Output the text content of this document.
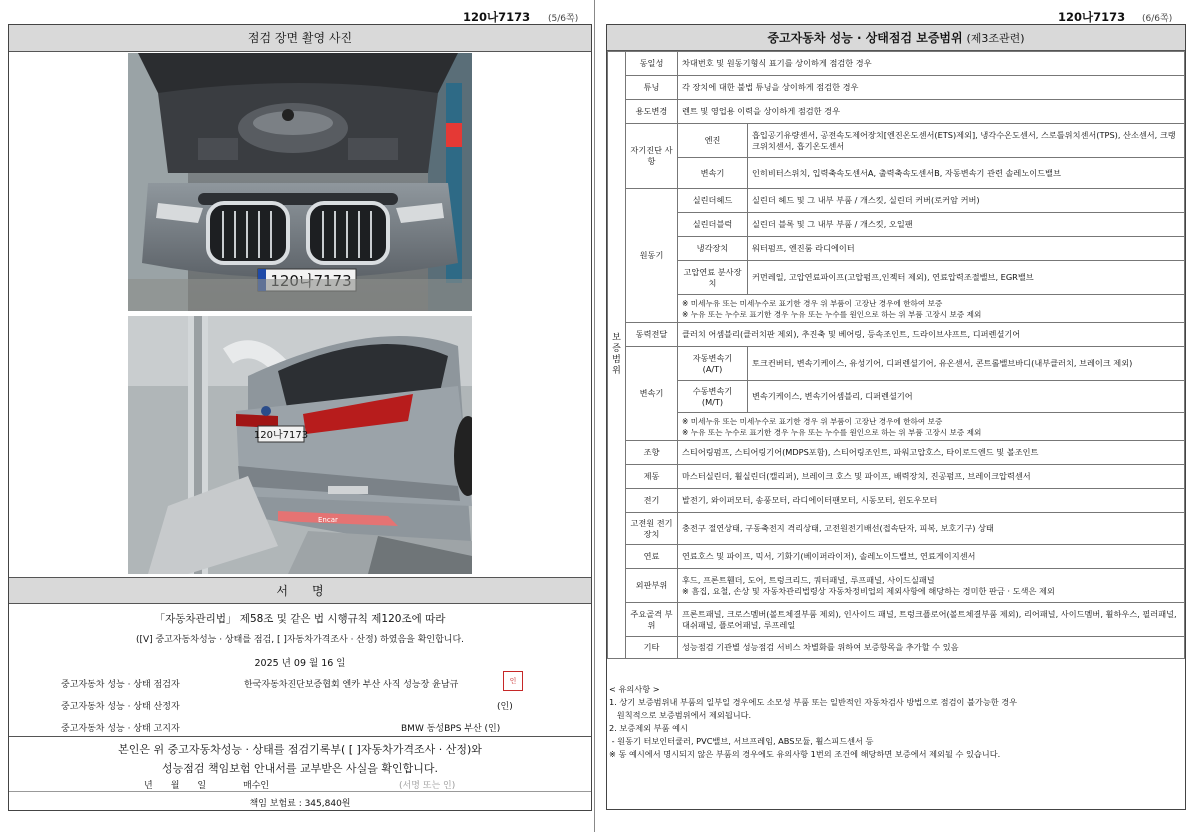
120나7173 (5/6쪽)
점검 장면 촬영 사진
120나7173
Encar
서　　명
「자동차관리법」 제58조 및 같은 법 시행규칙 제120조에 따라
([V] 중고자동차성능 · 상태를 점검, [ ]자동차가격조사 · 산정) 하였음을 확인합니다.
2025 년 09 월 16 일
중고자동차 성능 · 상태 점검자	한국자동차진단보증협회 엔카 부산 사직 성능장 윤남규	인
중고자동차 성능 · 상태 산정자	(인)
중고자동차 성능 · 상태 고지자	BMW 동성BPS 부산 (인)
본인은 위 중고자동차성능 · 상태를 점검기록부( [ ]자동차가격조사 · 산정)와
성능점검 책임보험 안내서를 교부받은 사실을 확인합니다.
년　　월　　일	매수인	(서명 또는 인)
책임 보험료 : 345,840원
120나7173 (6/6쪽)
중고자동차 성능 · 상태점검 보증범위 (제3조관련)
보
증
범
위	동일성	차대번호 및 원동기형식 표기를 상이하게 점검한 경우	
	튜닝	각 장치에 대한 불법 튜닝을 상이하게 점검한 경우	
	용도변경	렌트 및 영업용 이력을 상이하게 점검한 경우	
	자기진단 사항	엔진	흡입공기유량센서, 공전속도제어장치[엔진온도센서(ETS)제외], 냉각수온도센서, 스로틀위치센서(TPS), 산소센서, 크랭크위치센서, 흡기온도센서
		변속기	인히비터스위치, 입력축속도센서A, 출력축속도센서B, 자동변속기 관련 솔레노이드밸브
	원동기	실린더헤드	실린더 헤드 및 그 내부 부품 / 개스킷, 실린더 커버(로커암 커버)
		실린더블럭	실린더 블록 및 그 내부 부품 / 개스킷, 오일팬
		냉각장치	워터펌프, 엔진룸 라디에이터
		고압연료 분사장치	커먼레일, 고압연료파이프(고압펌프,인젝터 제외), 연료압력조절밸브, EGR밸브

		※ 미세누유 또는 미세누수로 표기한 경우 위 부품이 고장난 경우에 한하여 보증
※ 누유 또는 누수로 표기한 경우 누유 또는 누수를 원인으로 하는 위 부품 고장시 보증 제외	

	동력전달	클러치 어셈블리(클러치판 제외), 추진축 및 베어링, 등속조인트, 드라이브샤프트, 디퍼렌셜기어	
	변속기	자동변속기 (A/T)	토크컨버터, 변속기케이스, 유성기어, 디퍼렌셜기어, 유온센서, 콘트롤밸브바디(내부클러치, 브레이크 제외)
		수동변속기 (M/T)	변속기케이스, 변속기어셈블리, 디퍼렌셜기어

		※ 미세누유 또는 미세누수로 표기한 경우 위 부품이 고장난 경우에 한하여 보증
※ 누유 또는 누수로 표기한 경우 누유 또는 누수를 원인으로 하는 위 부품 고장시 보증 제외	

	조향	스티어링펌프, 스티어링기어(MDPS포함), 스티어링조인트, 파워고압호스, 타이로드엔드 및 볼조인트	
	제동	마스터실린더, 휠실린더(캘리퍼), 브레이크 호스 및 파이프, 배력장치, 진공펌프, 브레이크압력센서	
	전기	발전기, 와이퍼모터, 송풍모터, 라디에이터팬모터, 시동모터, 윈도우모터	
	고전원 전기장치	충전구 절연상태, 구동축전지 격리상태, 고전원전기배선(접속단자, 피복, 보호기구) 상태	
	연료	연료호스 및 파이프, 믹서, 기화기(베이퍼라이저), 솔레노이드밸브, 연료게이지센서	
	외판부위	후드, 프론트휀더, 도어, 트렁크리드, 쿼터패널, 루프패널, 사이드실패널
※ 흠집, 요철, 손상 및 자동차관리법령상 자동차정비업의 제외사항에 해당하는 경미한 판금 · 도색은 제외	

	주요골격 부위	프론트패널, 크로스멤버(볼트체결부품 제외), 인사이드 패널, 트렁크플로어(볼트체결부품 제외), 리어패널, 사이드멤버, 휠하우스, 필러패널, 대쉬패널, 플로어패널, 루프레일	
	기타	성능점검 기관별 성능점검 서비스 차별화를 위하여 보증항목을 추가할 수 있음	
< 유의사항 >
1. 상기 보증범위내 부품의 일부일 경우에도 소모성 부품 또는 일반적인 자동차검사 방법으로 점검이 불가능한 경우
원칙적으로 보증범위에서 제외됩니다.
2. 보증제외 부품 예시
- 원동기 터보인터쿨러, PVC밸브, 서브프레임, ABS모듈, 휠스피드센서 등
※ 동 예시에서 명시되지 않은 부품의 경우에도 유의사항 1번의 조건에 해당하면 보증에서 제외될 수 있습니다.
